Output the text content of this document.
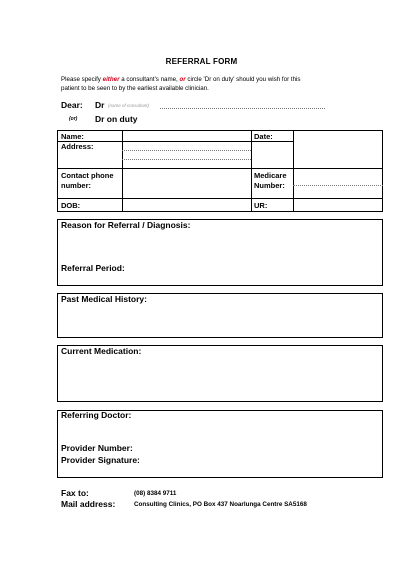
REFERRAL FORM
Please specify either a consultant's name, or circle 'Dr on duty' should you wish for this
patient to be seen to by the earliest available clinician.
Dear: Dr (name of consultant)
(or) Dr on duty
Name:
Address:
Contact phone
number:
DOB:
Date:
Medicare
Number:
UR:
Reason for Referral / Diagnosis:
Referral Period:
Past Medical History:
Current Medication:
Referring Doctor:
Provider Number:
Provider Signature:
Fax to:	(08) 8384 9711
Mail address:	Consulting Clinics, PO Box 437 Noarlunga Centre SA5168
